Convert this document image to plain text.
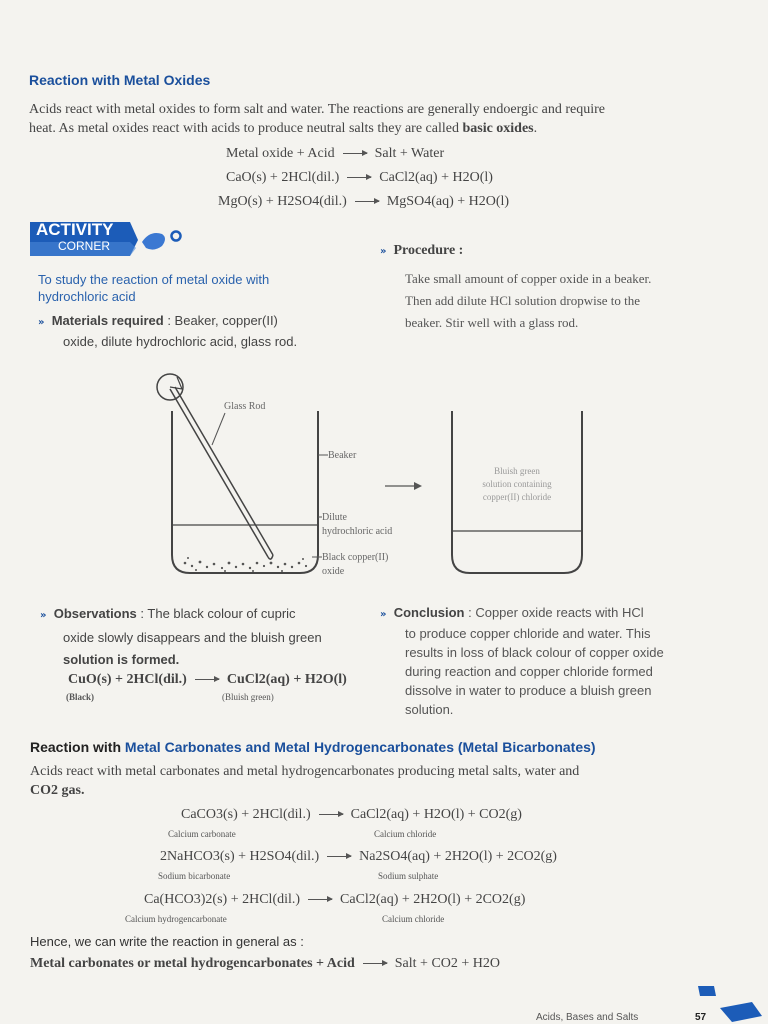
Reaction with Metal Oxides
Acids react with metal oxides to form salt and water. The reactions are generally endoergic and require
heat. As metal oxides react with acids to produce neutral salts they are called basic oxides.
Metal oxide + Acid → Salt + Water
CaO(s) + 2HCl(dil.) → CaCl2(aq) + H2O(l)
MgO(s) + H2SO4(dil.) → MgSO4(aq) + H2O(l)
ACTIVITY
CORNER
To study the reaction of metal oxide with
hydrochloric acid
» Materials required : Beaker, copper(II)
oxide, dilute hydrochloric acid, glass rod.
» Procedure :
Take small amount of copper oxide in a beaker.
Then add dilute HCl solution dropwise to the
beaker. Stir well with a glass rod.
Glass Rod
Beaker
Dilute
hydrochloric acid
Black copper(II)
oxide
Bluish green
solution containing
copper(II) chloride
» Observations : The black colour of cupric
oxide slowly disappears and the bluish green
solution is formed.
CuO(s) + 2HCl(dil.) → CuCl2(aq) + H2O(l)
(Black)	(Bluish green)
» Conclusion : Copper oxide reacts with HCl
to produce copper chloride and water. This
results in loss of black colour of copper oxide
during reaction and copper chloride formed
dissolve in water to produce a bluish green
solution.
Reaction with Metal Carbonates and Metal Hydrogencarbonates (Metal Bicarbonates)
Acids react with metal carbonates and metal hydrogencarbonates producing metal salts, water and
CO2 gas.
CaCO3(s) + 2HCl(dil.) → CaCl2(aq) + H2O(l) + CO2(g)
Calcium carbonate	Calcium chloride
2NaHCO3(s) + H2SO4(dil.) → Na2SO4(aq) + 2H2O(l) + 2CO2(g)
Sodium bicarbonate	Sodium sulphate
Ca(HCO3)2(s) + 2HCl(dil.) → CaCl2(aq) + 2H2O(l) + 2CO2(g)
Calcium hydrogencarbonate	Calcium chloride
Hence, we can write the reaction in general as :
Metal carbonates or metal hydrogencarbonates + Acid → Salt + CO2 + H2O
Acids, Bases and Salts	57
